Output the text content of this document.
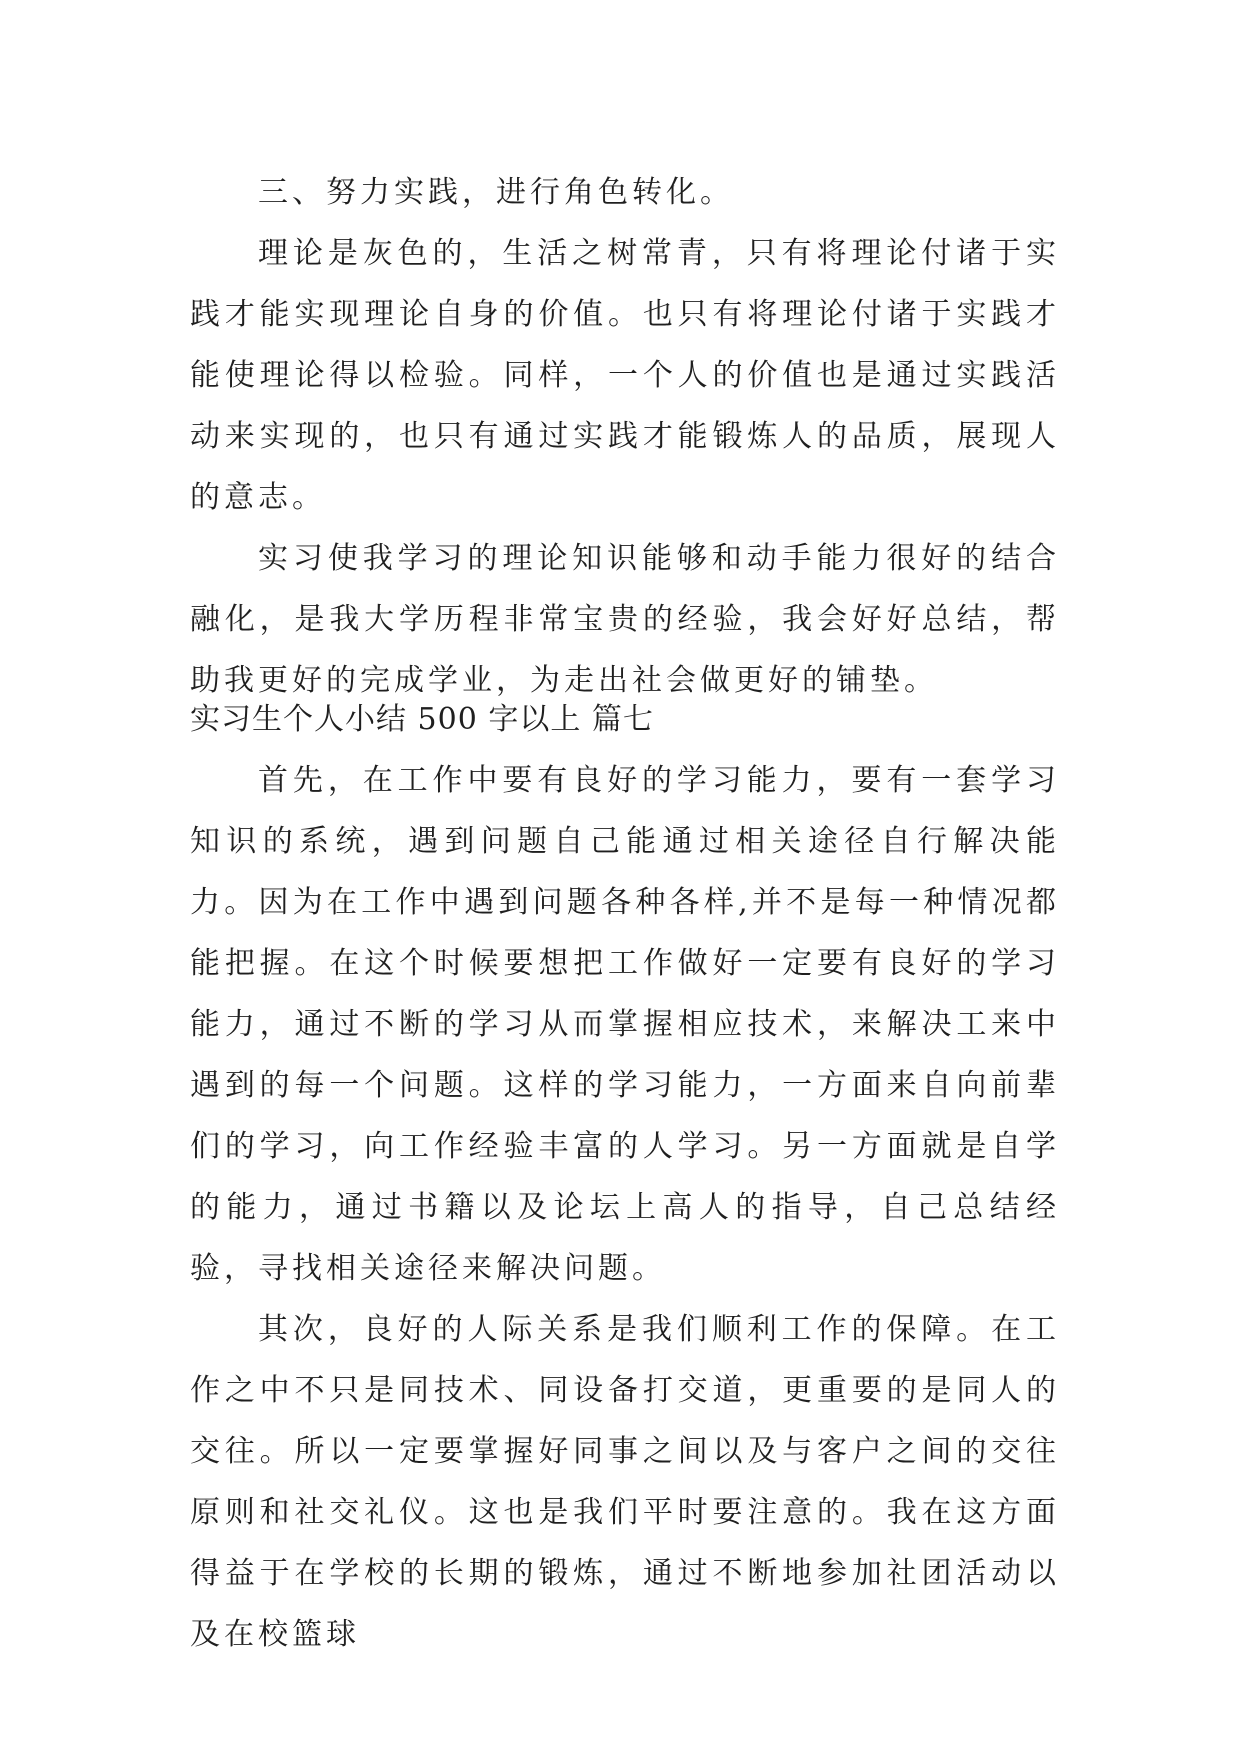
三、努力实践，进行角色转化。

理论是灰色的，生活之树常青，只有将理论付诸于实践才能实现理论自身的价值。也只有将理论付诸于实践才能使理论得以检验。同样，一个人的价值也是通过实践活动来实现的，也只有通过实践才能锻炼人的品质，展现人的意志。

实习使我学习的理论知识能够和动手能力很好的结合融化，是我大学历程非常宝贵的经验，我会好好总结，帮助我更好的完成学业，为走出社会做更好的铺垫。

实习生个人小结 500 字以上 篇七

首先，在工作中要有良好的学习能力，要有一套学习知识的系统，遇到问题自己能通过相关途径自行解决能力。因为在工作中遇到问题各种各样,并不是每一种情况都能把握。在这个时候要想把工作做好一定要有良好的学习能力，通过不断的学习从而掌握相应技术，来解决工来中遇到的每一个问题。这样的学习能力，一方面来自向前辈们的学习，向工作经验丰富的人学习。另一方面就是自学的能力，通过书籍以及论坛上高人的指导，自己总结经验，寻找相关途径来解决问题。

其次，良好的人际关系是我们顺利工作的保障。在工作之中不只是同技术、同设备打交道，更重要的是同人的交往。所以一定要掌握好同事之间以及与客户之间的交往原则和社交礼仪。这也是我们平时要注意的。我在这方面得益于在学校的长期的锻炼，通过不断地参加社团活动以及在校篮球
